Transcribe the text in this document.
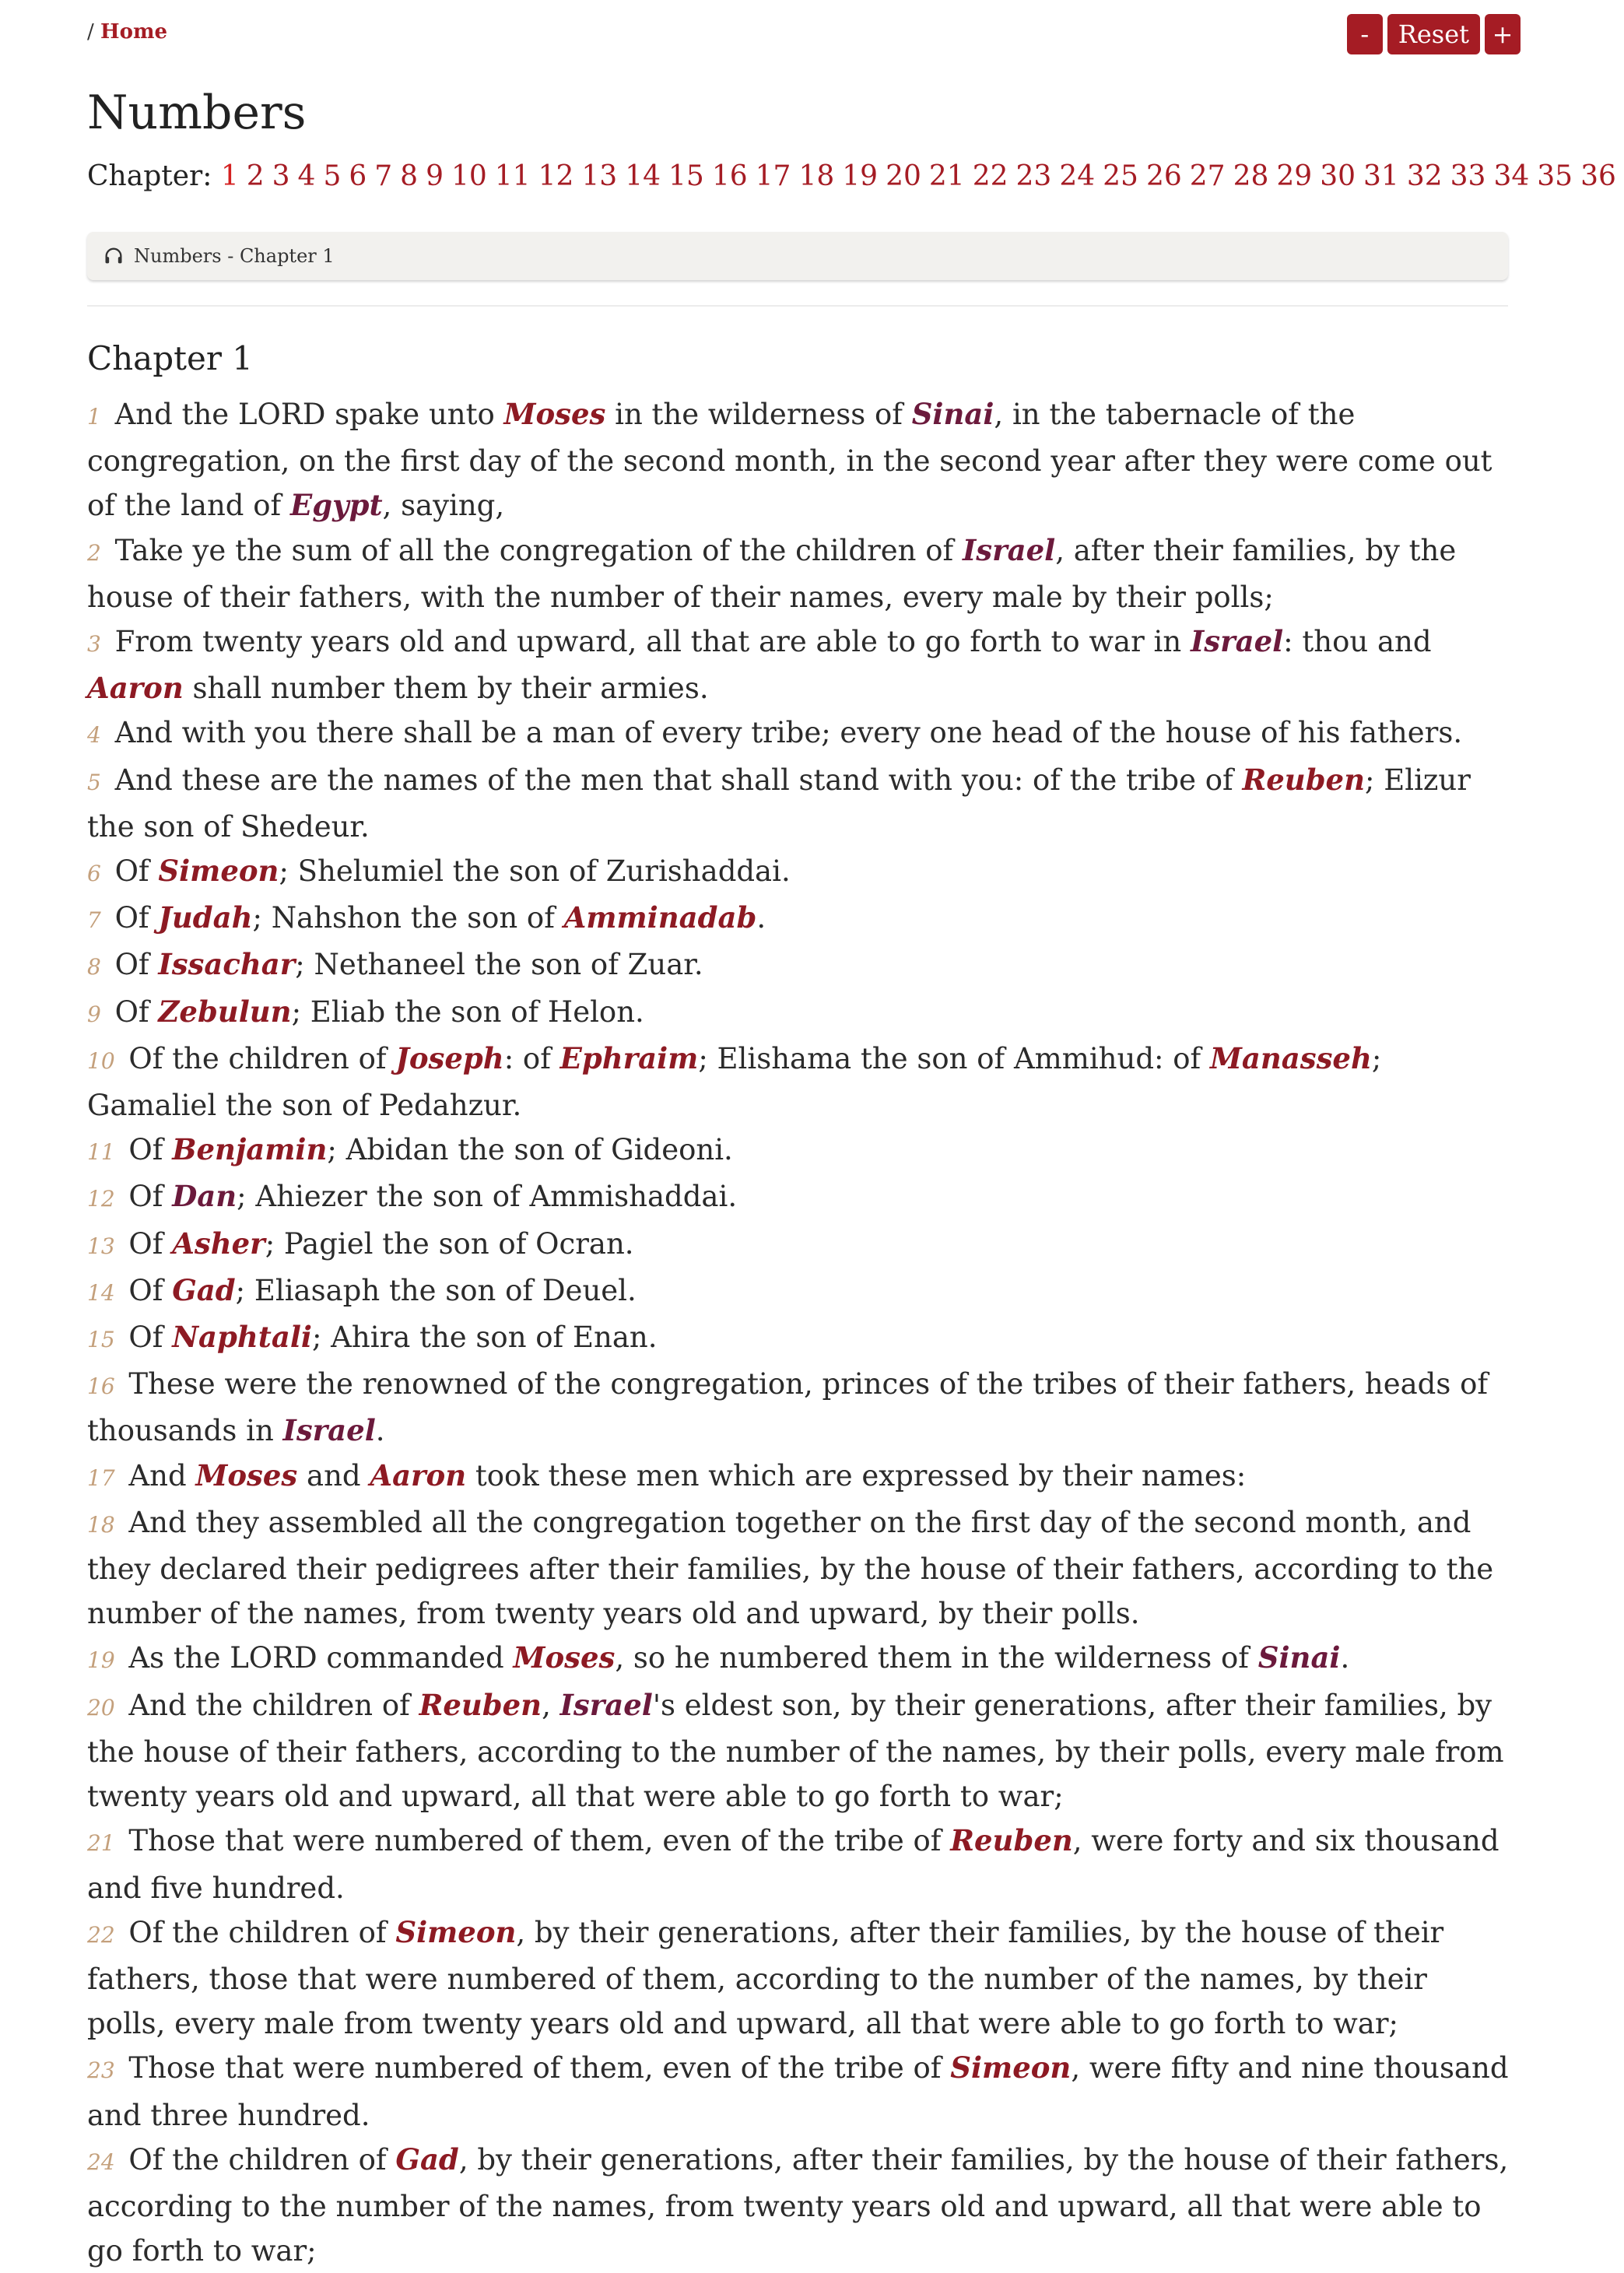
/ Home	-	Reset +
Numbers
Chapter: 1 2 3 4 5 6 7 8 9 10 11 12 13 14 15 16 17 18 19 20 21 22 23 24 25 26 27 28 29 30 31 32 33 34 35 36
Numbers - Chapter 1
Chapter 1
1 And the LORD spake unto Moses in the wilderness of Sinai, in the tabernacle of the congregation, on the first day of the second month, in the second year after they were come out of the land of Egypt, saying,
2 Take ye the sum of all the congregation of the children of Israel, after their families, by the house of their fathers, with the number of their names, every male by their polls;
3 From twenty years old and upward, all that are able to go forth to war in Israel: thou and Aaron shall number them by their armies.
4 And with you there shall be a man of every tribe; every one head of the house of his fathers.
5 And these are the names of the men that shall stand with you: of the tribe of Reuben; Elizur the son of Shedeur.
6 Of Simeon; Shelumiel the son of Zurishaddai.
7 Of Judah; Nahshon the son of Amminadab.
8 Of Issachar; Nethaneel the son of Zuar.
9 Of Zebulun; Eliab the son of Helon.
10 Of the children of Joseph: of Ephraim; Elishama the son of Ammihud: of Manasseh; Gamaliel the son of Pedahzur.
11 Of Benjamin; Abidan the son of Gideoni.
12 Of Dan; Ahiezer the son of Ammishaddai.
13 Of Asher; Pagiel the son of Ocran.
14 Of Gad; Eliasaph the son of Deuel.
15 Of Naphtali; Ahira the son of Enan.
16 These were the renowned of the congregation, princes of the tribes of their fathers, heads of thousands in Israel.
17 And Moses and Aaron took these men which are expressed by their names:
18 And they assembled all the congregation together on the first day of the second month, and they declared their pedigrees after their families, by the house of their fathers, according to the number of the names, from twenty years old and upward, by their polls.
19 As the LORD commanded Moses, so he numbered them in the wilderness of Sinai.
20 And the children of Reuben, Israel's eldest son, by their generations, after their families, by the house of their fathers, according to the number of the names, by their polls, every male from twenty years old and upward, all that were able to go forth to war;
21 Those that were numbered of them, even of the tribe of Reuben, were forty and six thousand and five hundred.
22 Of the children of Simeon, by their generations, after their families, by the house of their fathers, those that were numbered of them, according to the number of the names, by their polls, every male from twenty years old and upward, all that were able to go forth to war;
23 Those that were numbered of them, even of the tribe of Simeon, were fifty and nine thousand and three hundred.
24 Of the children of Gad, by their generations, after their families, by the house of their fathers, according to the number of the names, from twenty years old and upward, all that were able to go forth to war;
